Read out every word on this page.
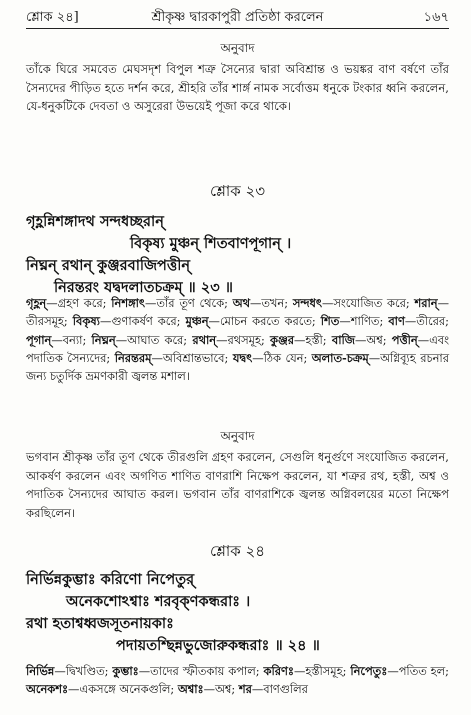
শ্লোক ২৪]	শ্রীকৃষ্ণ দ্বারকাপুরী প্রতিষ্ঠা করলেন	১৬৭
অনুবাদ
তাঁকে ঘিরে সমবেত মেঘসদৃশ বিপুল শত্রু সৈন্যের দ্বারা অবিশ্রান্ত ও ভয়ঙ্কর বাণ বর্ষণে তাঁর সৈন্যদের পীড়িত হতে দর্শন করে, শ্রীহরি তাঁর শার্ঙ্গ নামক সর্বোত্তম ধনুকে টংকার ধ্বনি করলেন, যে-ধনুকটিকে দেবতা ও অসুরেরা উভয়েই পূজা করে থাকে।
শ্লোক ২৩
গৃহ্ণন্নিশঙ্গাদথ সন্দধচ্ছরান্
বিকৃষ্য মুঞ্চন্ শিতবাণপূগান্ ।
নিঘ্নন্ রথান্ কুঞ্জরবাজিপত্তীন্
নিরন্তরং যদ্বদলাতচক্রম্ ॥ ২৩ ॥
গৃহ্ণন্—গ্রহণ করে; নিশঙ্গাৎ—তাঁর তূণ থেকে; অথ—তখন; সন্দধৎ—সংযোজিত করে; শরান্—তীরসমূহ; বিকৃষ্য—গুণাকর্ষণ করে; মুঞ্চন্—মোচন করতে করতে; শিত—শাণিত; বাণ—তীরের; পূগান্—বন্যা; নিঘ্নন্—আঘাত করে; রথান্—রথসমূহ; কুঞ্জর—হস্তী; বাজি—অশ্ব; পত্তীন্—এবং পদাতিক সৈন্যদের; নিরন্তরম্—অবিশ্রান্তভাবে; যদ্বৎ—ঠিক যেন; অলাত-চক্রম্—অগ্নিব্যূহ রচনার জন্য চতুর্দিক ভ্রমণকারী জ্বলন্ত মশাল।
অনুবাদ
ভগবান শ্রীকৃষ্ণ তাঁর তূণ থেকে তীরগুলি গ্রহণ করলেন, সেগুলি ধনুর্গুণে সংযোজিত করলেন, আকর্ষণ করলেন এবং অগণিত শাণিত বাণরাশি নিক্ষেপ করলেন, যা শত্রুর রথ, হস্তী, অশ্ব ও পদাতিক সৈন্যদের আঘাত করল। ভগবান তাঁর বাণরাশিকে জ্বলন্ত অগ্নিবলয়ের মতো নিক্ষেপ করছিলেন।
শ্লোক ২৪
নির্ভিন্নকুম্ভাঃ করিণো নিপেতুর্
অনেকশোঽশ্বাঃ শরবৃক্ণকন্ধরাঃ ।
রথা হতাশ্বধ্বজসূতনায়কাঃ
পদায়তশ্ছিন্নভুজোরুকন্ধরাঃ ॥ ২৪ ॥
নির্ভিন্ন—দ্বিখণ্ডিত; কুম্ভাঃ—তাদের স্ফীতকায় কপাল; করিণঃ—হস্তীসমূহ; নিপেতুঃ—পতিত হল; অনেকশঃ—একসঙ্গে অনেকগুলি; অশ্বাঃ—অশ্ব; শর—বাণগুলির
